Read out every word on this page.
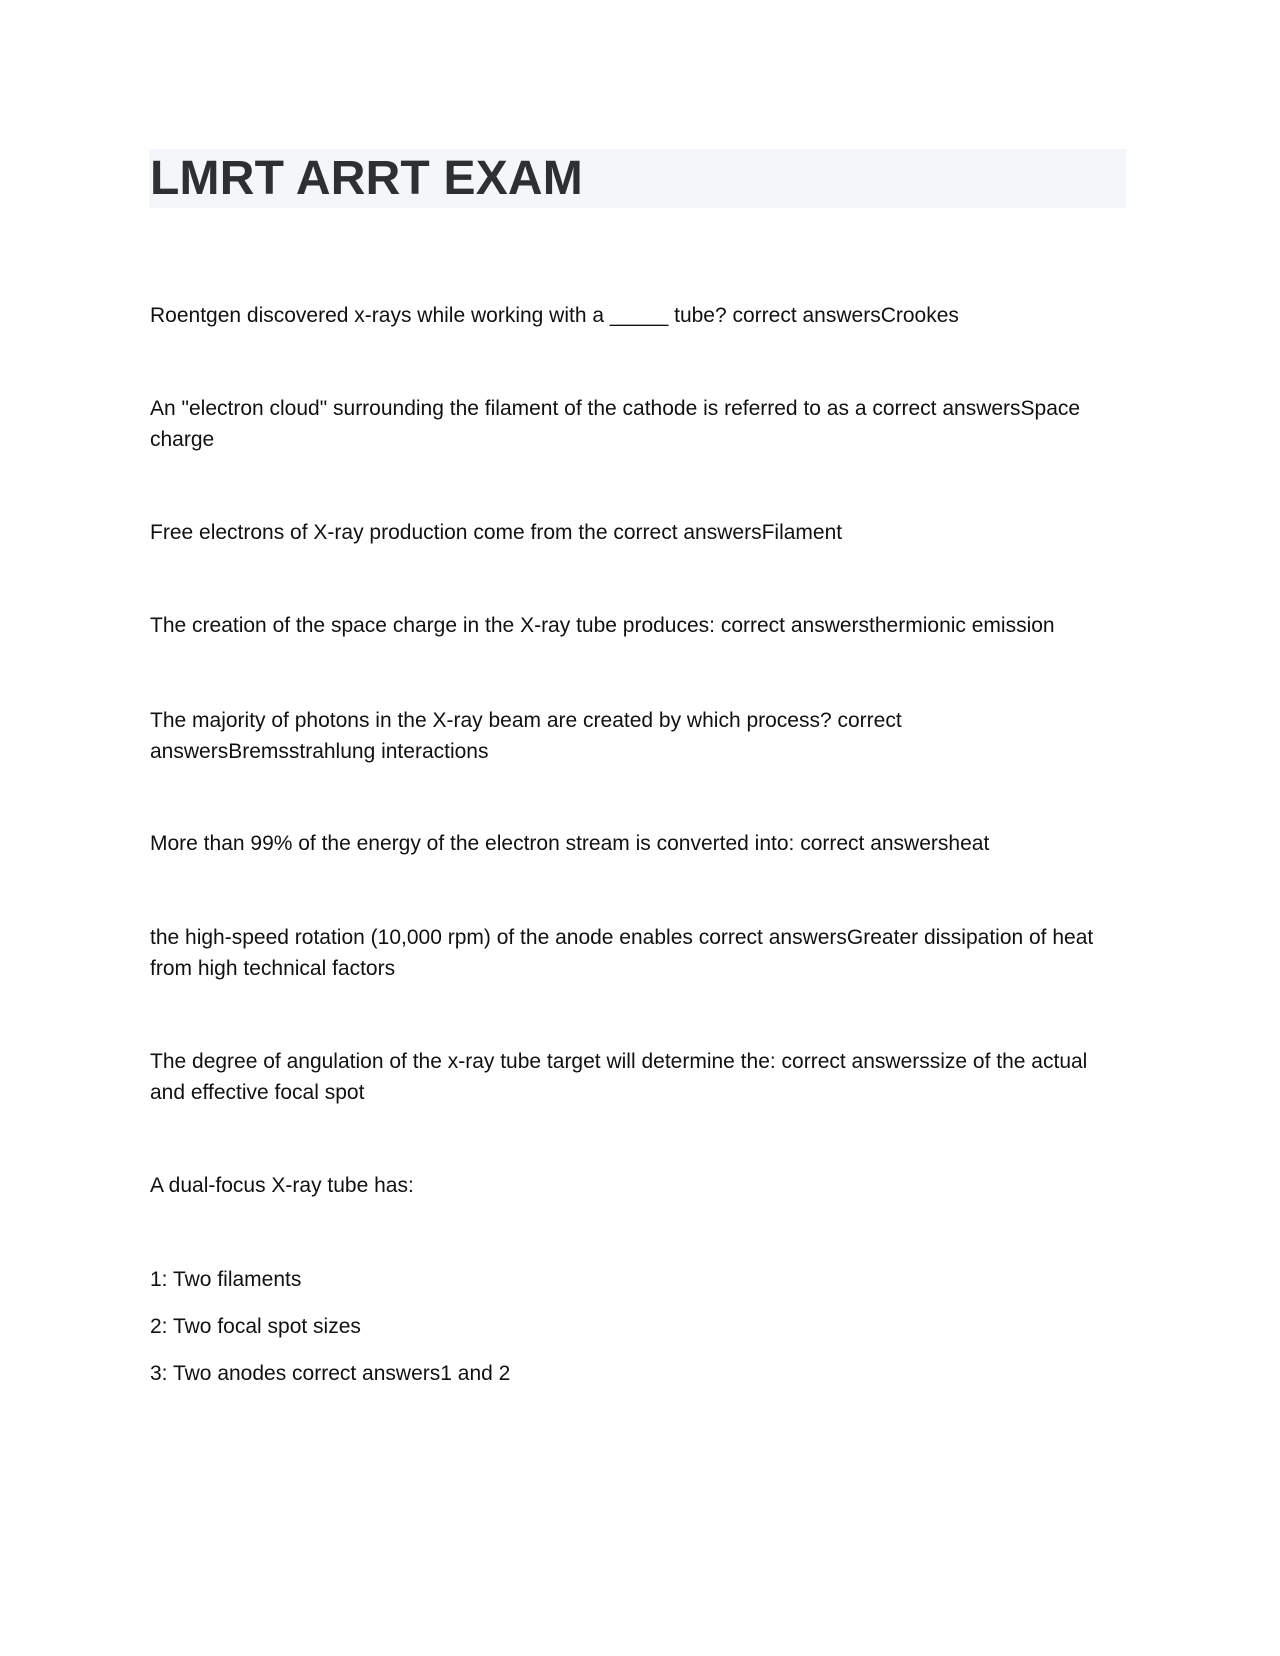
LMRT ARRT EXAM

Roentgen discovered x-rays while working with a _____ tube? correct answersCrookes

An "electron cloud" surrounding the filament of the cathode is referred to as a correct answersSpace charge

Free electrons of X-ray production come from the correct answersFilament

The creation of the space charge in the X-ray tube produces: correct answersthermionic emission

The majority of photons in the X-ray beam are created by which process? correct answersBremsstrahlung interactions

More than 99% of the energy of the electron stream is converted into: correct answersheat

the high-speed rotation (10,000 rpm) of the anode enables correct answersGreater dissipation of heat from high technical factors

The degree of angulation of the x-ray tube target will determine the: correct answerssize of the actual and effective focal spot

A dual-focus X-ray tube has:

1: Two filaments

2: Two focal spot sizes

3: Two anodes correct answers1 and 2
